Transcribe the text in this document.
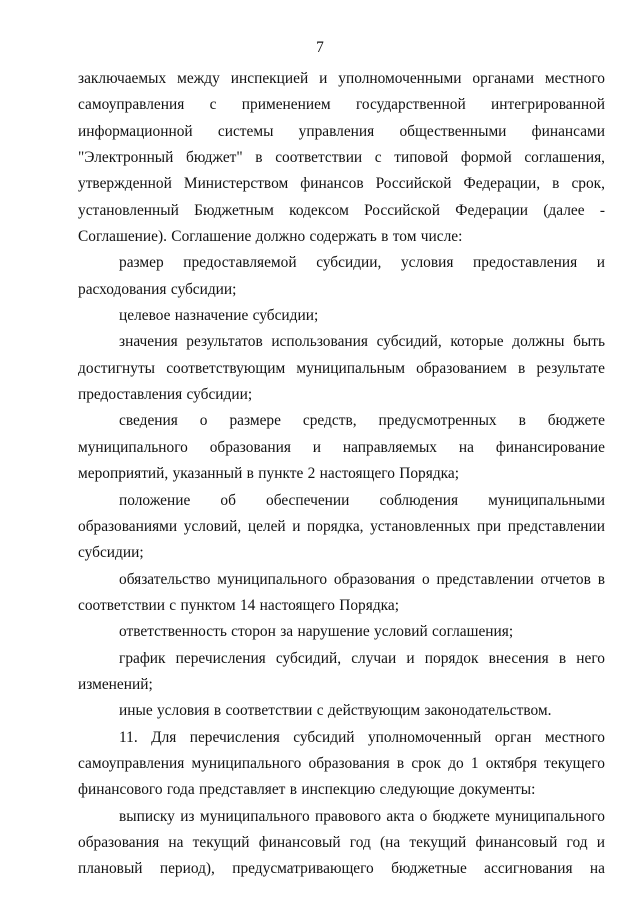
7

заключаемых между инспекцией и уполномоченными органами местного самоуправления с применением государственной интегрированной информационной системы управления общественными финансами "Электронный бюджет" в соответствии с типовой формой соглашения, утвержденной Министерством финансов Российской Федерации, в срок, установленный Бюджетным кодексом Российской Федерации (далее - Соглашение). Соглашение должно содержать в том числе:

размер предоставляемой субсидии, условия предоставления и расходования субсидии;

целевое назначение субсидии;

значения результатов использования субсидий, которые должны быть достигнуты соответствующим муниципальным образованием в результате предоставления субсидии;

сведения о размере средств, предусмотренных в бюджете муниципального образования и направляемых на финансирование мероприятий, указанный в пункте 2 настоящего Порядка;

положение об обеспечении соблюдения муниципальными образованиями условий, целей и порядка, установленных при представлении субсидии;

обязательство муниципального образования о представлении отчетов в соответствии с пунктом 14 настоящего Порядка;

ответственность сторон за нарушение условий соглашения;

график перечисления субсидий, случаи и порядок внесения в него изменений;

иные условия в соответствии с действующим законодательством.

11. Для перечисления субсидий уполномоченный орган местного самоуправления муниципального образования в срок до 1 октября текущего финансового года представляет в инспекцию следующие документы:

выписку из муниципального правового акта о бюджете муниципального образования на текущий финансовый год (на текущий финансовый год и плановый период), предусматривающего бюджетные ассигнования на
